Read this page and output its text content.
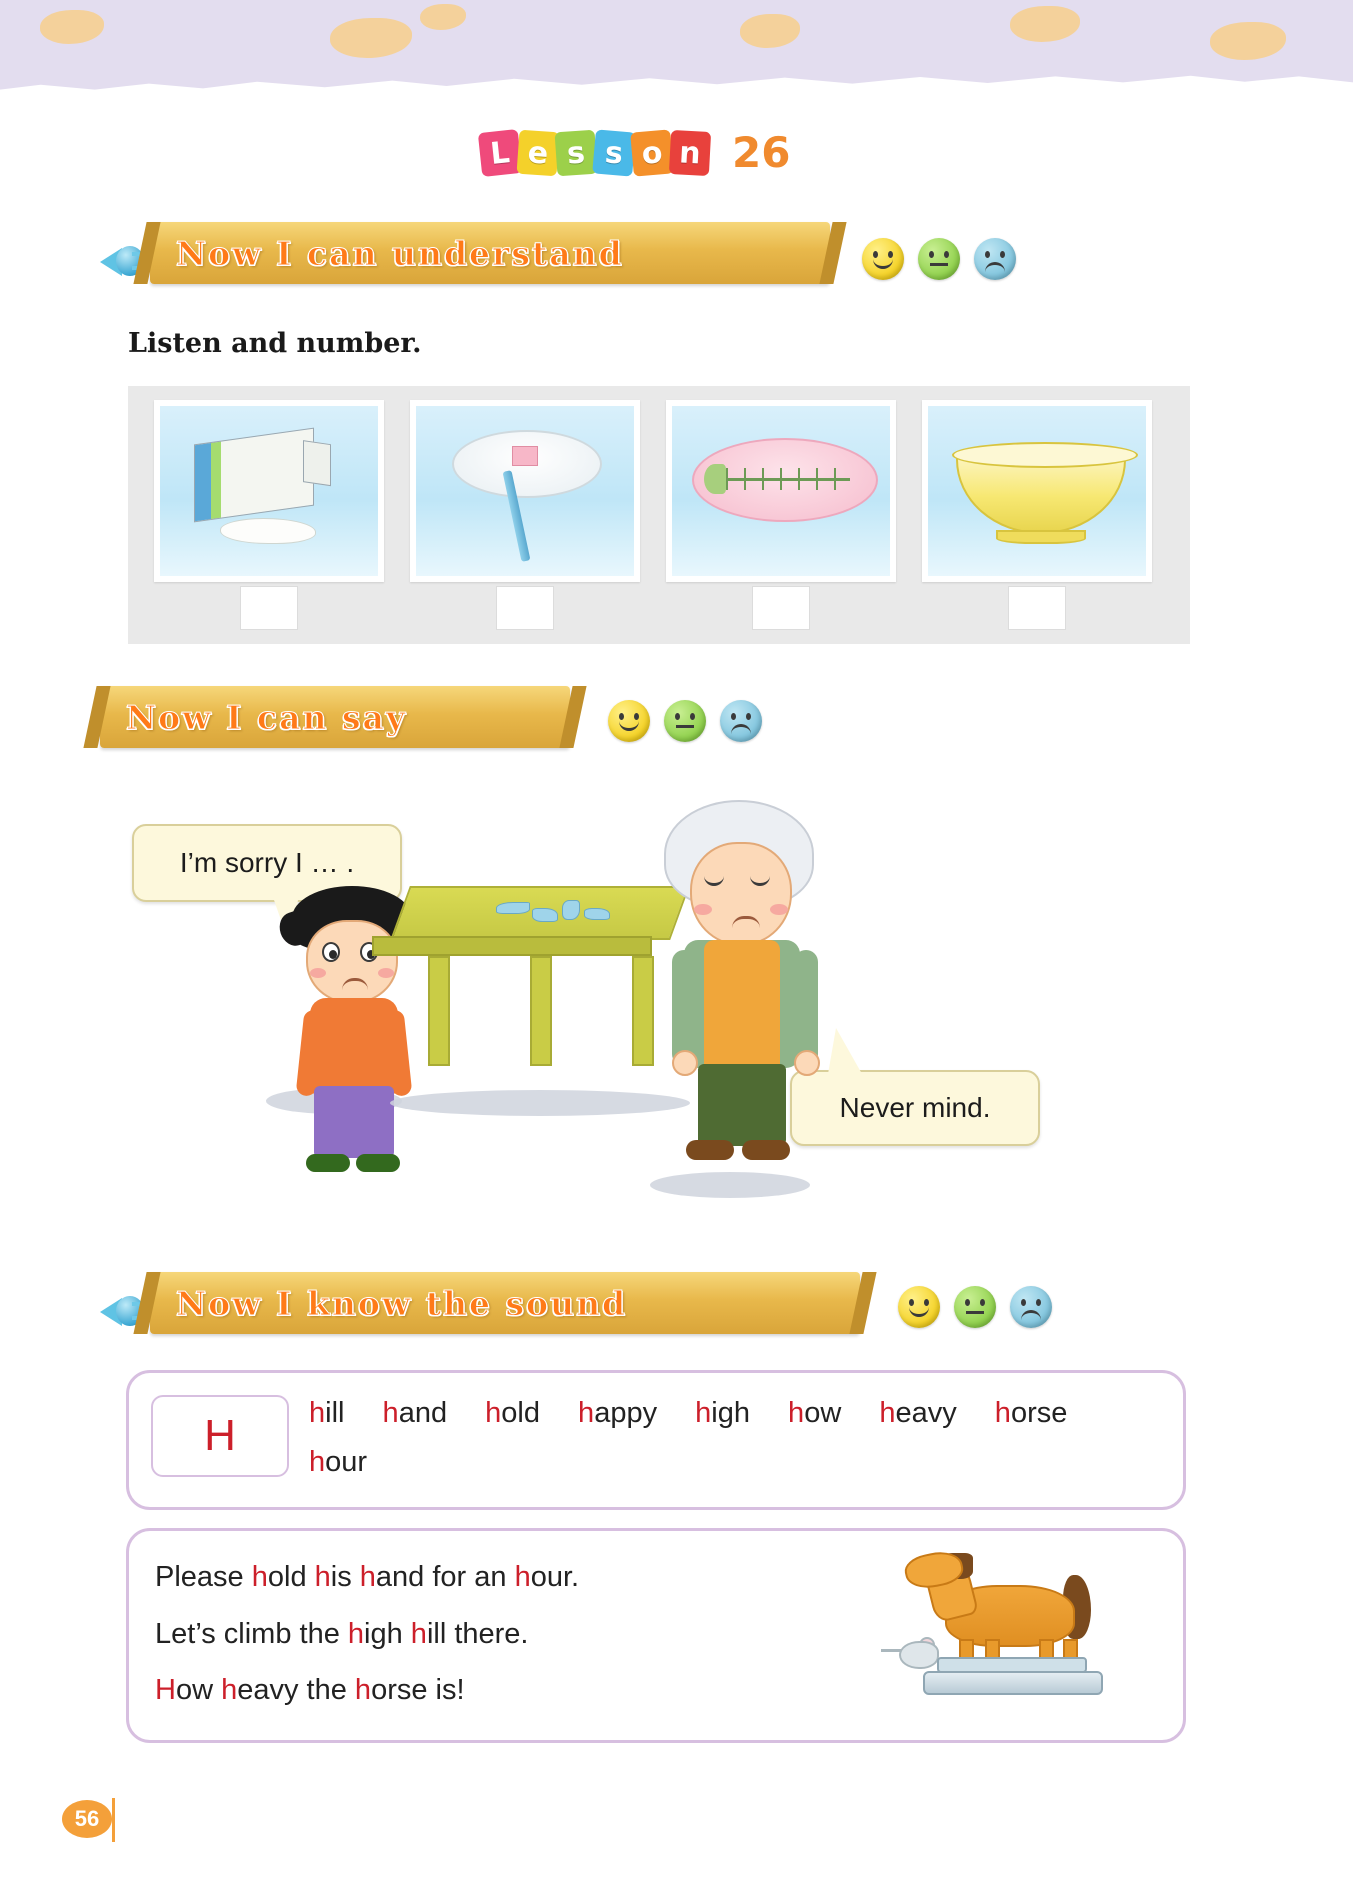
L e s s o n 26
Now I can understand
Listen and number.
Now I can say
I’m sorry I … .
Never mind.
Now I know the sound
H	hill hand hold happy high how heavy horse
hour
Please hold his hand for an hour.
Let’s climb the high hill there.
How heavy the horse is!
56
